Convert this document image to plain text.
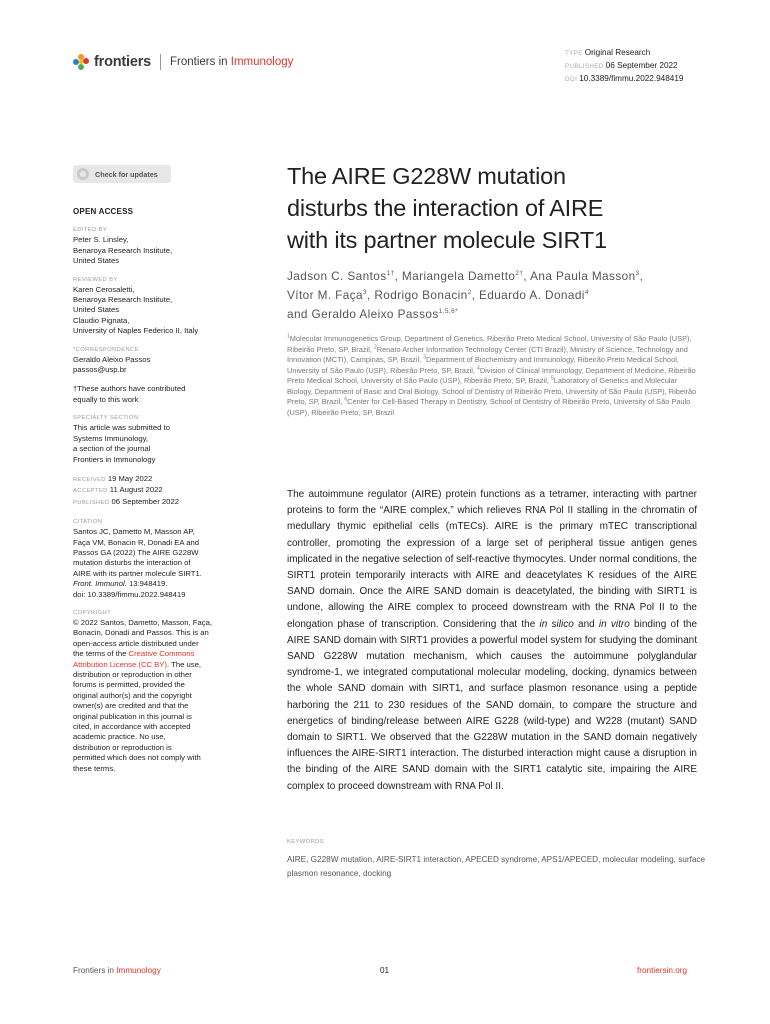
frontiers Frontiers in Immunology
TYPE Original Research
PUBLISHED 06 September 2022
DOI 10.3389/fimmu.2022.948419
Check for updates
OPEN ACCESS
EDITED BY
Peter S. Linsley,
Benaroya Research Institute,
United States
REVIEWED BY
Karen Cerosaletti,
Benaroya Research Institute,
United States
Claudio Pignata,
University of Naples Federico II, Italy
*CORRESPONDENCE
Geraldo Aleixo Passos
passos@usp.br
†These authors have contributed
equally to this work
SPECIALTY SECTION
This article was submitted to
Systems Immunology,
a section of the journal
Frontiers in Immunology
RECEIVED 19 May 2022
ACCEPTED 11 August 2022
PUBLISHED 06 September 2022
CITATION
Santos JC, Dametto M, Masson AP,
Faça VM, Bonacin R, Donadi EA and
Passos GA (2022) The AIRE G228W
mutation disturbs the interaction of
AIRE with its partner molecule SIRT1.
Front. Immunol. 13:948419.
doi: 10.3389/fimmu.2022.948419
COPYRIGHT
© 2022 Santos, Dametto, Masson, Faça,
Bonacin, Donadi and Passos. This is an
open-access article distributed under
the terms of the Creative Commons
Attribution License (CC BY). The use,
distribution or reproduction in other
forums is permitted, provided the
original author(s) and the copyright
owner(s) are credited and that the
original publication in this journal is
cited, in accordance with accepted
academic practice. No use,
distribution or reproduction is
permitted which does not comply with
these terms.
The AIRE G228W mutation
disturbs the interaction of AIRE
with its partner molecule SIRT1
Jadson C. Santos$^{1\dagger}$, Mariangela Dametto$^{2\dagger}$, Ana Paula Masson$^3$,
Vítor M. Faça$^3$, Rodrigo Bonacin$^2$, Eduardo A. Donadi$^4$
and Geraldo Aleixo Passos$^{1,5,6*}$
$^1$Molecular Immunogenetics Group, Department of Genetics, Ribeirão Preto Medical School, University of São Paulo (USP), Ribeirão Preto, SP, Brazil, $^2$Renato Archer Information Technology Center (CTI Brazil), Ministry of Science, Technology and Innovation (MCTI), Campinas, SP, Brazil, $^3$Department of Biochemistry and Immunology, Ribeirão Preto Medical School, University of São Paulo (USP), Ribeirão Preto, SP, Brazil, $^4$Division of Clinical Immunology, Department of Medicine, Ribeirão Preto Medical School, University of São Paulo (USP), Ribeirão Preto, SP, Brazil, $^5$Laboratory of Genetics and Molecular Biology, Department of Basic and Oral Biology, School of Dentistry of Ribeirão Preto, University of São Paulo (USP), Ribeirão Preto, SP, Brazil, $^6$Center for Cell-Based Therapy in Dentistry, School of Dentistry of Ribeirão Preto, University of São Paulo (USP), Ribeirão Preto, SP, Brazil
The autoimmune regulator (AIRE) protein functions as a tetramer, interacting with partner proteins to form the “AIRE complex,” which relieves RNA Pol II stalling in the chromatin of medullary thymic epithelial cells (mTECs). AIRE is the primary mTEC transcriptional controller, promoting the expression of a large set of peripheral tissue antigen genes implicated in the negative selection of self-reactive thymocytes. Under normal conditions, the SIRT1 protein temporarily interacts with AIRE and deacetylates K residues of the AIRE SAND domain. Once the AIRE SAND domain is deacetylated, the binding with SIRT1 is undone, allowing the AIRE complex to proceed downstream with the RNA Pol II to the elongation phase of transcription. Considering that the in silico and in vitro binding of the AIRE SAND domain with SIRT1 provides a powerful model system for studying the dominant SAND G228W mutation mechanism, which causes the autoimmune polyglandular syndrome-1, we integrated computational molecular modeling, docking, dynamics between the whole SAND domain with SIRT1, and surface plasmon resonance using a peptide harboring the 211 to 230 residues of the SAND domain, to compare the structure and energetics of binding/release between AIRE G228 (wild-type) and W228 (mutant) SAND domain to SIRT1. We observed that the G228W mutation in the SAND domain negatively influences the AIRE-SIRT1 interaction. The disturbed interaction might cause a disruption in the binding of the AIRE SAND domain with the SIRT1 catalytic site, impairing the AIRE complex to proceed downstream with RNA Pol II.
KEYWORDS
AIRE, G228W mutation, AIRE-SIRT1 interaction, APECED syndrome, APS1/APECED, molecular modeling, surface plasmon resonance, docking
Frontiers in Immunology	01	frontiersin.org
